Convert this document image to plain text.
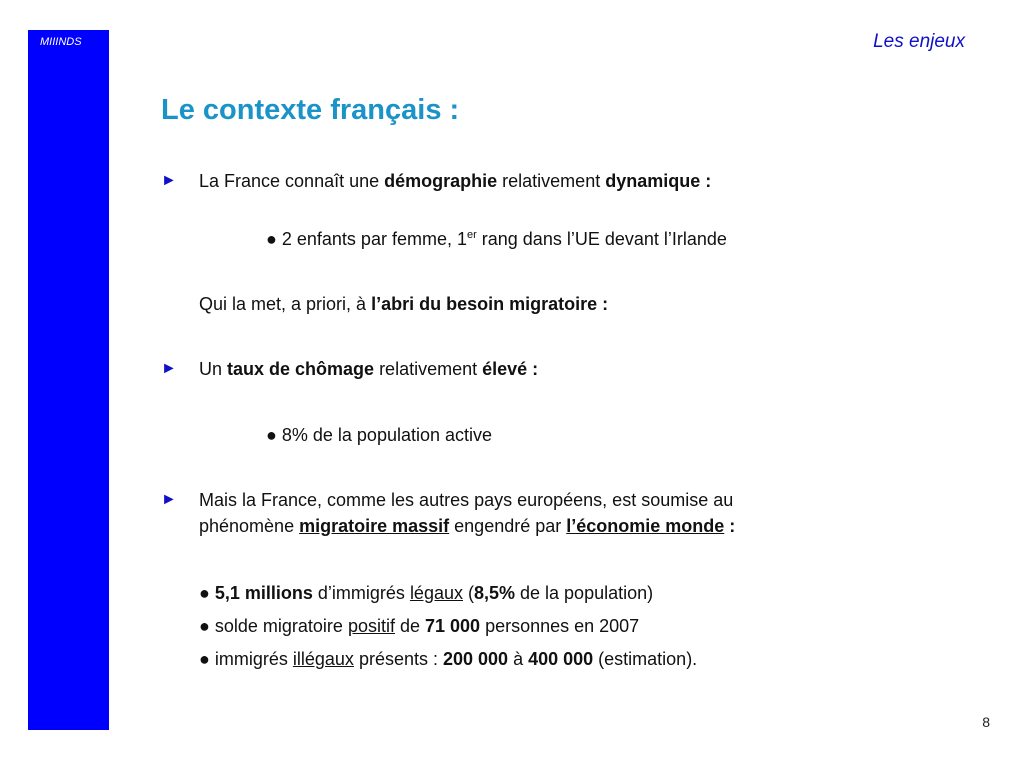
MIIINDS	Les enjeux
Le contexte français :
► La France connaît une démographie relativement dynamique :
● 2 enfants par femme, 1er rang dans l’UE devant l’Irlande
Qui la met, a priori, à l’abri du besoin migratoire :
► Un taux de chômage relativement élevé :
● 8% de la population active
► Mais la France, comme les autres pays européens, est soumise au
phénomène migratoire massif engendré par l’économie monde :
● 5,1 millions d’immigrés légaux (8,5% de la population)
● solde migratoire positif de 71 000 personnes en 2007
● immigrés illégaux présents : 200 000 à 400 000 (estimation).
8
